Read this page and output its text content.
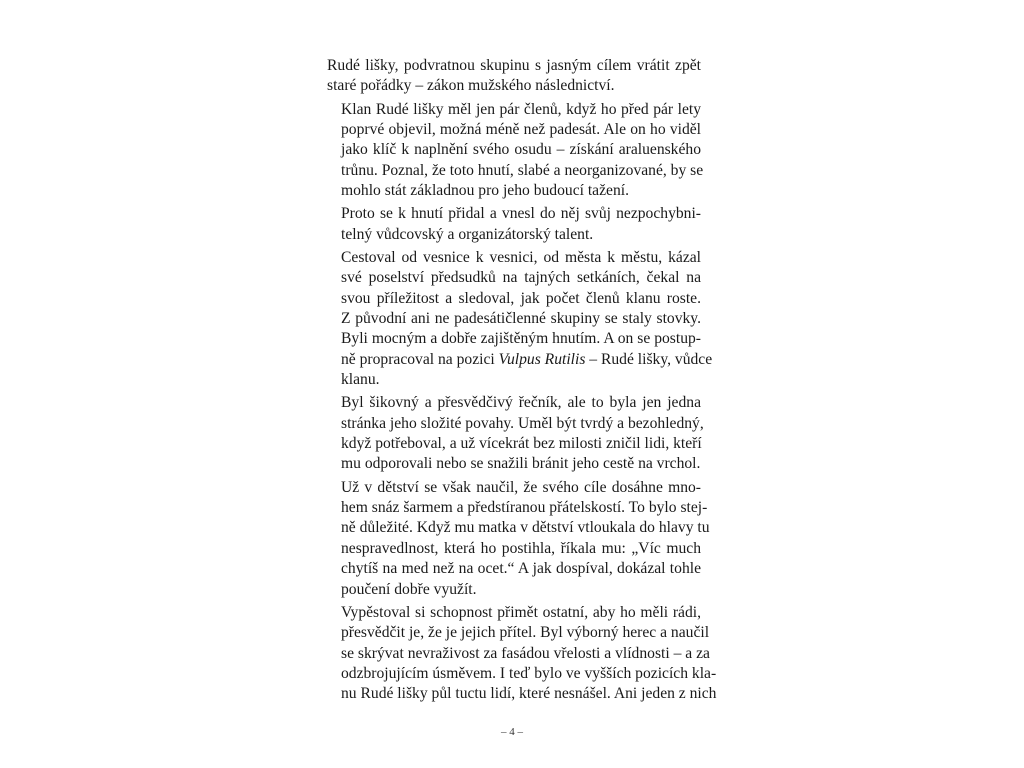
Rudé lišky, podvratnou skupinu s jasným cílem vrátit zpět
staré pořádky – zákon mužského následnictví.
Klan Rudé lišky měl jen pár členů, když ho před pár lety
poprvé objevil, možná méně než padesát. Ale on ho viděl
jako klíč k naplnění svého osudu – získání araluenského
trůnu. Poznal, že toto hnutí, slabé a neorganizované, by se
mohlo stát základnou pro jeho budoucí tažení.
Proto se k hnutí přidal a vnesl do něj svůj nezpochybni-
telný vůdcovský a organizátorský talent.
Cestoval od vesnice k vesnici, od města k městu, kázal
své poselství předsudků na tajných setkáních, čekal na
svou příležitost a sledoval, jak počet členů klanu roste.
Z původní ani ne padesátičlenné skupiny se staly stovky.
Byli mocným a dobře zajištěným hnutím. A on se postup-
ně propracoval na pozici Vulpus Rutilis – Rudé lišky, vůdce
klanu.
Byl šikovný a přesvědčivý řečník, ale to byla jen jedna
stránka jeho složité povahy. Uměl být tvrdý a bezohledný,
když potřeboval, a už vícekrát bez milosti zničil lidi, kteří
mu odporovali nebo se snažili bránit jeho cestě na vrchol.
Už v dětství se však naučil, že svého cíle dosáhne mno-
hem snáz šarmem a předstíranou přátelskostí. To bylo stej-
ně důležité. Když mu matka v dětství vtloukala do hlavy tu
nespravedlnost, která ho postihla, říkala mu: „Víc much
chytíš na med než na ocet.“ A jak dospíval, dokázal tohle
poučení dobře využít.
Vypěstoval si schopnost přimět ostatní, aby ho měli rádi,
přesvědčit je, že je jejich přítel. Byl výborný herec a naučil
se skrývat nevraživost za fasádou vřelosti a vlídnosti – a za
odzbrojujícím úsměvem. I teď bylo ve vyšších pozicích kla-
nu Rudé lišky půl tuctu lidí, které nesnášel. Ani jeden z nich
– 4 –
